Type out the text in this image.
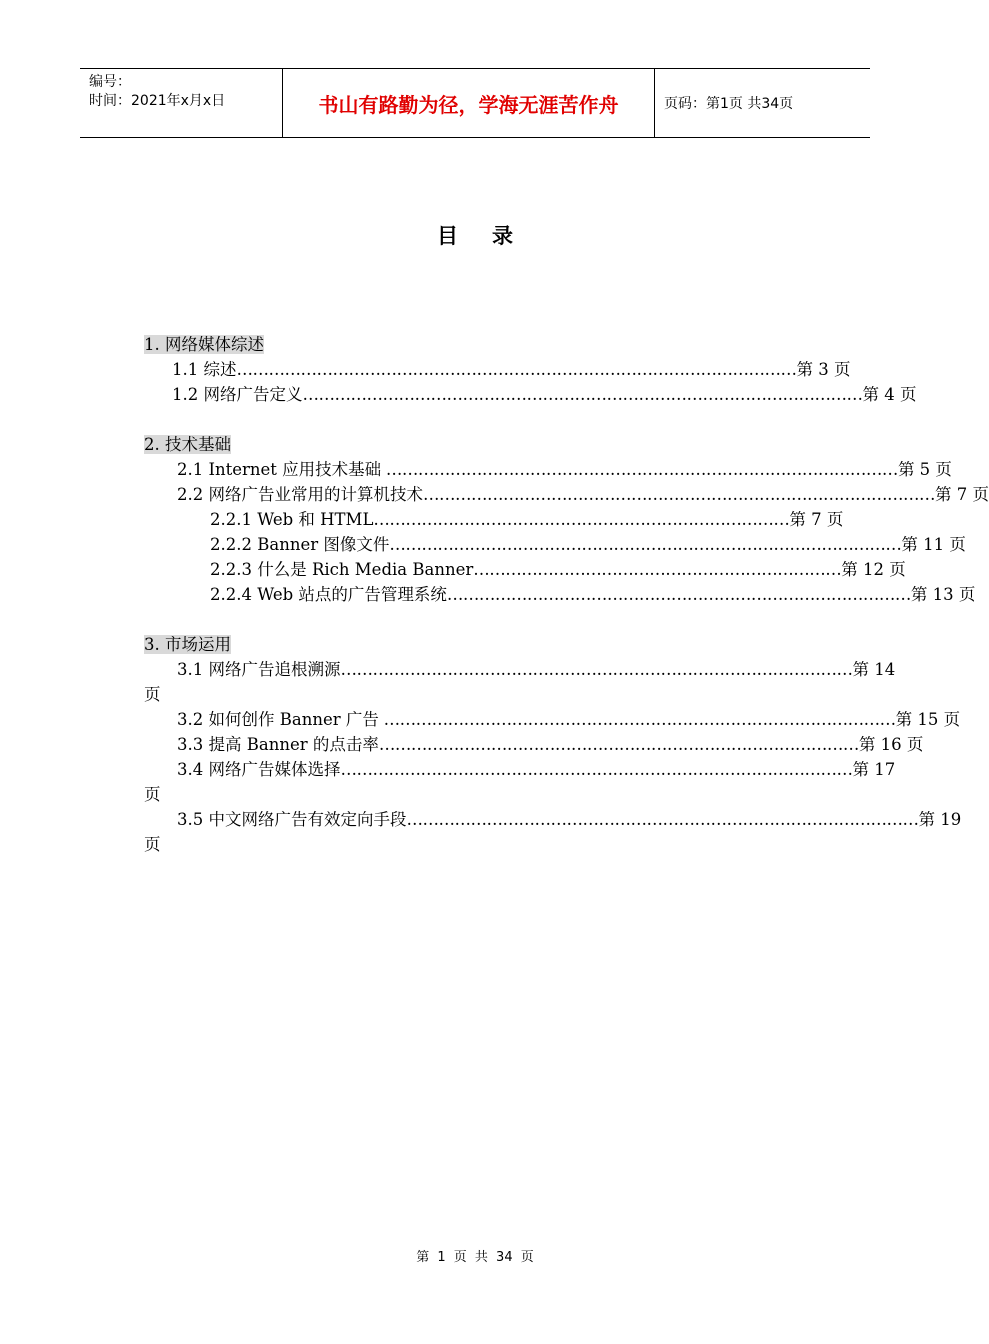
编号：
时间：2021年x月x日	书山有路勤为径，学海无涯苦作舟	页码：第1页 共34页
目录
1. 网络媒体综述
1.1 综述 …………………………………………………………………………………………… 第 3 页
1.2 网络广告定义 …………………………………………………………………………………………… 第 4 页
2. 技术基础
2.1 Internet 应用技术基础 …………………………………………………………………………………… 第 5 页
2.2 网络广告业常用的计算机技术 …………………………………………………………………………………… 第 7 页
2.2.1 Web 和 HTML …………………………………………………………………… 第 7 页
2.2.2 Banner 图像文件 …………………………………………………………………………………… 第 11 页
2.2.3 什么是 Rich Media Banner …………………………………………………………… 第 12 页
2.2.4 Web 站点的广告管理系统 …………………………………………………………………………… 第 13 页
3. 市场运用
3.1 网络广告追根溯源 …………………………………………………………………………………… 第 14
页
3.2 如何创作 Banner 广告 …………………………………………………………………………………… 第 15 页
3.3 提高 Banner 的点击率 ……………………………………………………………………………… 第 16 页
3.4 网络广告媒体选择 …………………………………………………………………………………… 第 17
页
3.5 中文网络广告有效定向手段 …………………………………………………………………………………… 第 19
页
第 1 页 共 34 页
